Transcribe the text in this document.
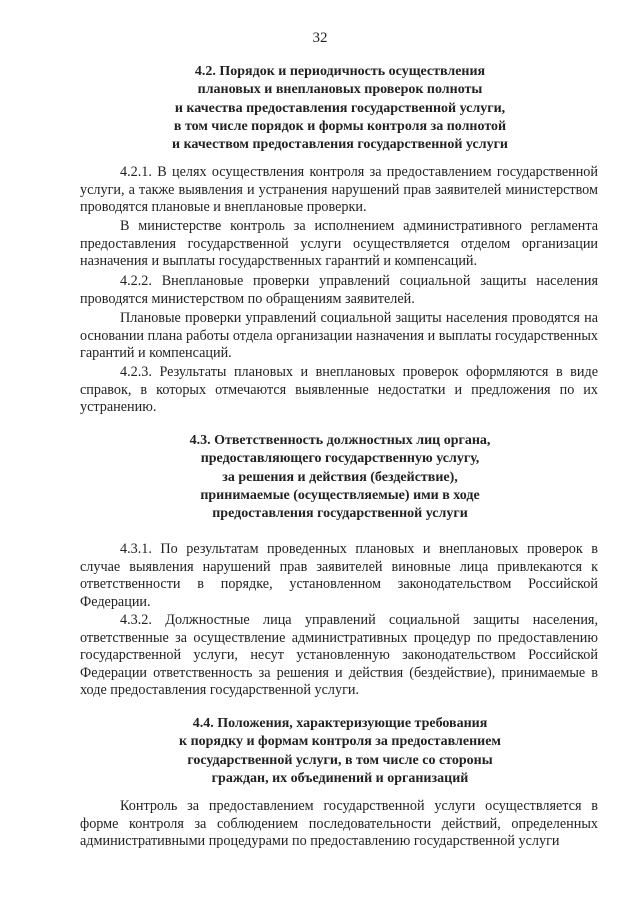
32
4.2. Порядок и периодичность осуществления
плановых и внеплановых проверок полноты
и качества предоставления государственной услуги,
в том числе порядок и формы контроля за полнотой
и качеством предоставления государственной услуги
4.2.1. В целях осуществления контроля за предоставлением государственной услуги, а также выявления и устранения нарушений прав заявителей министерством проводятся плановые и внеплановые проверки.
В министерстве контроль за исполнением административного регламента предоставления государственной услуги осуществляется отделом организации назначения и выплаты государственных гарантий и компенсаций.
4.2.2. Внеплановые проверки управлений социальной защиты населения проводятся министерством по обращениям заявителей.
Плановые проверки управлений социальной защиты населения проводятся на основании плана работы отдела организации назначения и выплаты государственных гарантий и компенсаций.
4.2.3. Результаты плановых и внеплановых проверок оформляются в виде справок, в которых отмечаются выявленные недостатки и предложения по их устранению.
4.3. Ответственность должностных лиц органа,
предоставляющего государственную услугу,
за решения и действия (бездействие),
принимаемые (осуществляемые) ими в ходе
предоставления государственной услуги
4.3.1. По результатам проведенных плановых и внеплановых проверок в случае выявления нарушений прав заявителей виновные лица привлекаются к ответственности в порядке, установленном законодательством Российской Федерации.
4.3.2. Должностные лица управлений социальной защиты населения, ответственные за осуществление административных процедур по предоставлению государственной услуги, несут установленную законодательством Российской Федерации ответственность за решения и действия (бездействие), принимаемые в ходе предоставления государственной услуги.
4.4. Положения, характеризующие требования
к порядку и формам контроля за предоставлением
государственной услуги, в том числе со стороны
граждан, их объединений и организаций
Контроль за предоставлением государственной услуги осуществляется в форме контроля за соблюдением последовательности действий, определенных административными процедурами по предоставлению государственной услуги
